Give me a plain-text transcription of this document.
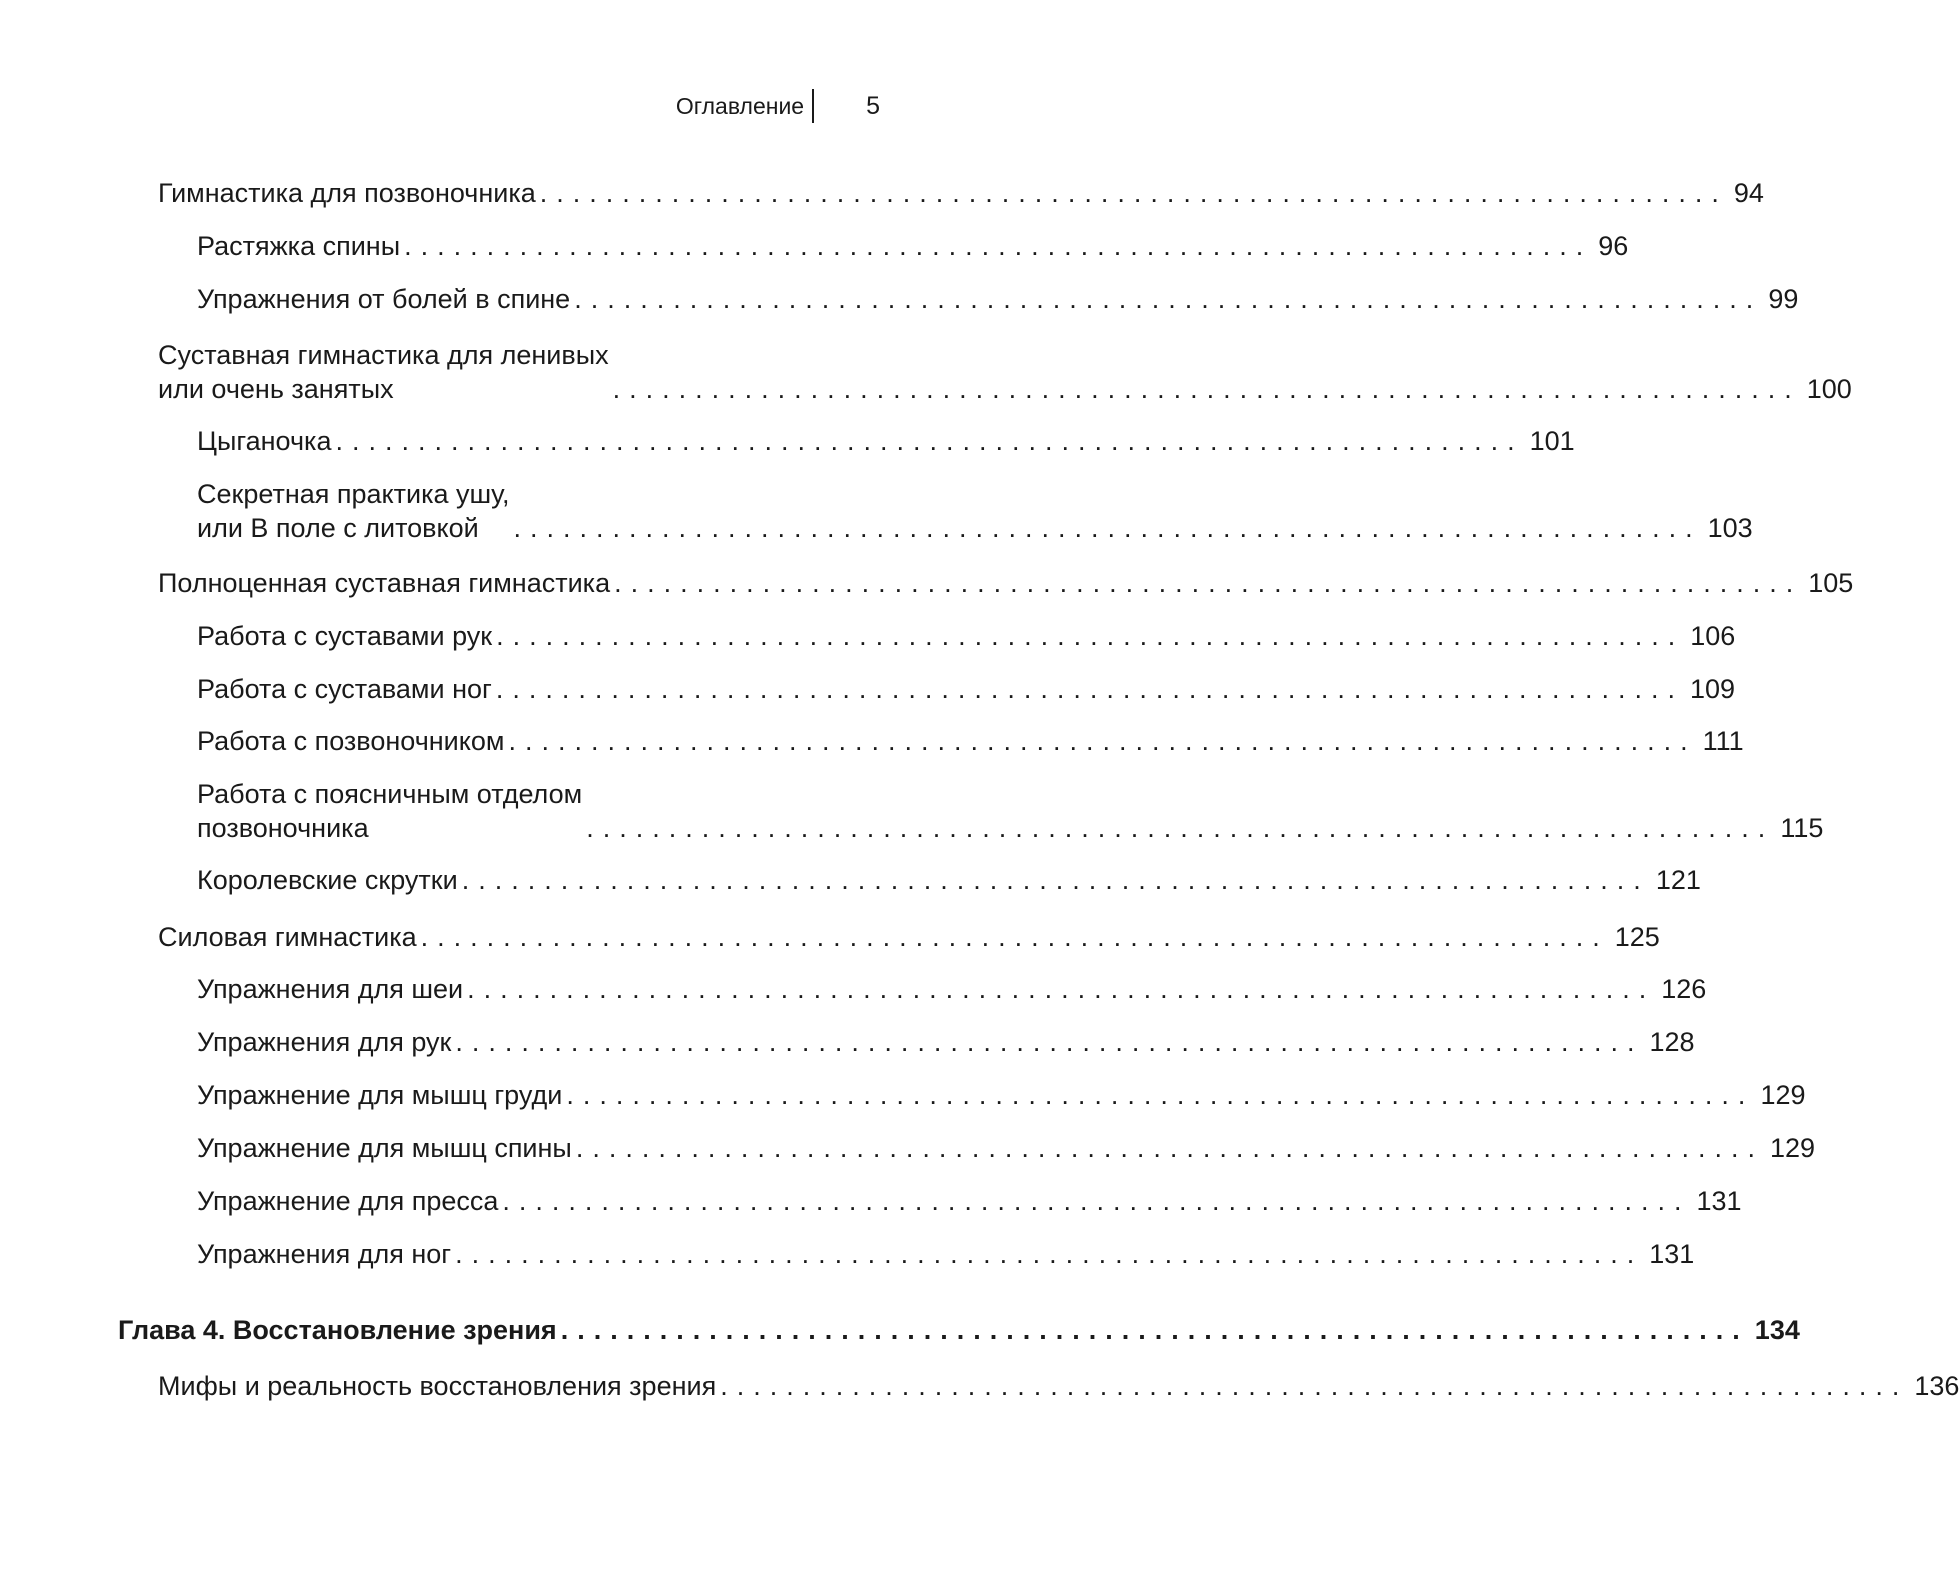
Оглавление	5
Гимнастика для позвоночника ........................................................................ 94
Растяжка спины ........................................................................ 96
Упражнения от болей в спине ........................................................................ 99
Суставная гимнастика для ленивых
или очень занятых	........................................................................ 100
Цыганочка ........................................................................ 101
Секретная практика ушу,
или В поле с литовкой	........................................................................ 103
Полноценная суставная гимнастика ........................................................................ 105
Работа с суставами рук ........................................................................ 106
Работа с суставами ног ........................................................................ 109
Работа с позвоночником ........................................................................ 111
Работа с поясничным отделом
позвоночника	........................................................................ 115
Королевские скрутки ........................................................................ 121
Силовая гимнастика ........................................................................ 125
Упражнения для шеи ........................................................................ 126
Упражнения для рук ........................................................................ 128
Упражнение для мышц груди ........................................................................ 129
Упражнение для мышц спины ........................................................................ 129
Упражнение для пресса ........................................................................ 131
Упражнения для ног ........................................................................ 131
Глава 4. Восстановление зрения ........................................................................ 134
Мифы и реальность восстановления зрения ........................................................................ 136
